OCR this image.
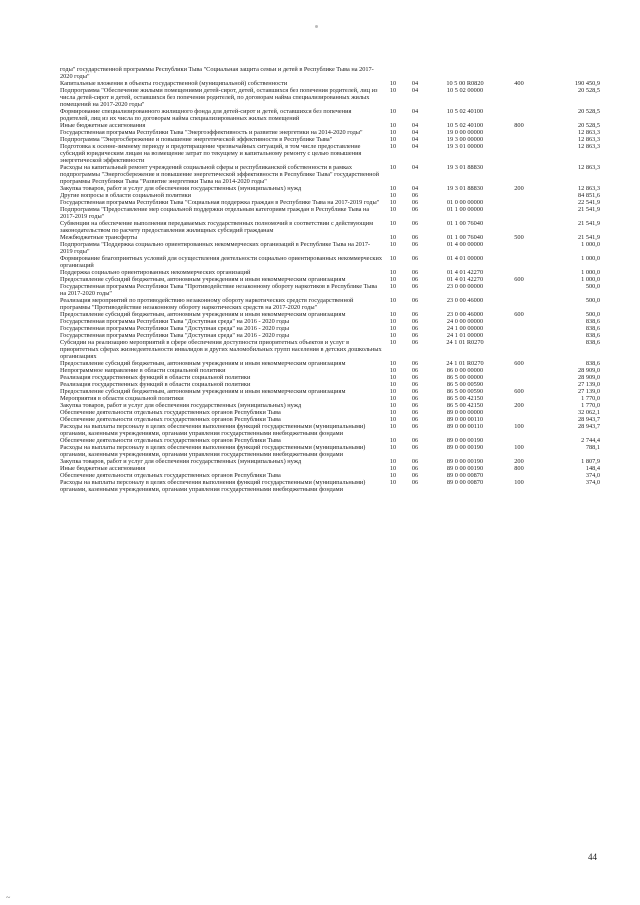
годы" государственной программы Республики Тыва "Социальная защита семьи и детей в Республике Тыва на 2017-2020 годы"					
Капитальные вложения в объекты государственной (муниципальной) собственности	10	04	10 5 00 R0820	400	190 450,9
Подпрограмма "Обеспечение жилыми помещениями детей-сирот, детей, оставшихся без попечения родителей, лиц из числа детей-сирот и детей, оставшихся без попечения родителей, по договорам найма специализированных жилых помещений на 2017-2020 годы"	10	04	10 5 02 00000		20 528,5
Формирование специализированного жилищного фонда для детей-сирот и детей, оставшихся без попечения родителей, лиц из их числа по договорам найма специализированных жилых помещений	10	04	10 5 02 40100		20 528,5
Иные бюджетные ассигнования	10	04	10 5 02 40100	800	20 528,5
Государственная программа Республики Тыва "Энергоэффективность и развитие энергетики на 2014-2020 годы"	10	04	19 0 00 00000		12 863,3
Подпрограмма "Энергосбережение и повышение энергетической эффективности в Республике Тыва"	10	04	19 3 00 00000		12 863,3
Подготовка к осенне-зимнему периоду и предотвращение чрезвычайных ситуаций, в том числе предоставление субсидий юридическим лицам на возмещение затрат по текущему и капитальному ремонту с целью повышения энергетической эффективности	10	04	19 3 01 00000		12 863,3
Расходы на капитальный ремонт учреждений социальной сферы и республиканской собственности в рамках подпрограммы "Энергосбережение и повышение энергетической эффективности в Республике Тыва" государственной программы Республики Тыва "Развитие энергетики Тыва на 2014-2020 годы"	10	04	19 3 01 88830		12 863,3
Закупка товаров, работ и услуг для обеспечения государственных (муниципальных) нужд	10	04	19 3 01 88830	200	12 863,3
Другие вопросы в области социальной политики	10	06			84 851,6
Государственная программа Республики Тыва "Социальная поддержка граждан в Республике Тыва на 2017-2019 годы"	10	06	01 0 00 00000		22 541,9
Подпрограмма "Предоставление мер социальной поддержки отдельным категориям граждан в Республике Тыва на 2017-2019 годы"	10	06	01 1 00 00000		21 541,9
Субвенции на обеспечение выполнения передаваемых государственных полномочий в соответствии с действующим законодательством по расчету предоставления жилищных субсидий гражданам	10	06	01 1 00 76040		21 541,9
Межбюджетные трансферты	10	06	01 1 00 76040	500	21 541,9
Подпрограмма "Поддержка социально ориентированных некоммерческих организаций в Республике Тыва на 2017-2019 годы"	10	06	01 4 00 00000		1 000,0
Формирование благоприятных условий для осуществления деятельности социально ориентированных некоммерческих организаций	10	06	01 4 01 00000		1 000,0
Поддержка социально ориентированных некоммерческих организаций	10	06	01 4 01 42270		1 000,0
Предоставление субсидий бюджетным, автономным учреждениям и иным некоммерческим организациям	10	06	01 4 01 42270	600	1 000,0
Государственная программа Республики Тыва "Противодействие незаконному обороту наркотиков в Республике Тыва на 2017-2020 годы"	10	06	23 0 00 00000		500,0
Реализация мероприятий по противодействию незаконному обороту наркотических средств государственной программы "Противодействие незаконному обороту наркотических средств на 2017-2020 годы"	10	06	23 0 00 46000		500,0
Предоставление субсидий бюджетным, автономным учреждениям и иным некоммерческим организациям	10	06	23 0 00 46000	600	500,0
Государственная программа Республики Тыва "Доступная среда" на 2016 - 2020 годы	10	06	24 0 00 00000		838,6
Государственная программа Республики Тыва "Доступная среда" на 2016 - 2020 годы	10	06	24 1 00 00000		838,6
Государственная программа Республики Тыва "Доступная среда" на 2016 - 2020 годы	10	06	24 1 01 00000		838,6
Субсидии на реализацию мероприятий в сфере обеспечения доступности приоритетных объектов и услуг в приоритетных сферах жизнедеятельности инвалидов и других маломобильных групп населения в детских дошкольных организациях	10	06	24 1 01 R0270		838,6
Предоставление субсидий бюджетным, автономным учреждениям и иным некоммерческим организациям	10	06	24 1 01 R0270	600	838,6
Непрограммное направление в области социальной политики	10	06	86 0 00 00000		28 909,0
Реализация государственных функций в области социальной политики	10	06	86 5 00 00000		28 909,0
Реализация государственных функций в области социальной политики	10	06	86 5 00 00590		27 139,0
Предоставление субсидий бюджетным, автономным учреждениям и иным некоммерческим организациям	10	06	86 5 00 00590	600	27 139,0
Мероприятия в области социальной политики	10	06	86 5 00 42150		1 770,0
Закупка товаров, работ и услуг для обеспечения государственных (муниципальных) нужд	10	06	86 5 00 42150	200	1 770,0
Обеспечение деятельности отдельных государственных органов Республики Тыва	10	06	89 0 00 00000		32 062,1
Обеспечение деятельности отдельных государственных органов Республики Тыва	10	06	89 0 00 00110		28 943,7
Расходы на выплаты персоналу в целях обеспечения выполнения функций государственными (муниципальными) органами, казенными учреждениями, органами управления государственными внебюджетными фондами	10	06	89 0 00 00110	100	28 943,7
Обеспечение деятельности отдельных государственных органов Республики Тыва	10	06	89 0 00 00190		2 744,4
Расходы на выплаты персоналу в целях обеспечения выполнения функций государственными (муниципальными) органами, казенными учреждениями, органами управления государственными внебюджетными фондами	10	06	89 0 00 00190	100	788,1
Закупка товаров, работ и услуг для обеспечения государственных (муниципальных) нужд	10	06	89 0 00 00190	200	1 807,9
Иные бюджетные ассигнования	10	06	89 0 00 00190	800	148,4
Обеспечение деятельности отдельных государственных органов Республики Тыва	10	06	89 0 00 00870		374,0
Расходы на выплаты персоналу в целях обеспечения выполнения функций государственными (муниципальными) органами, казенными учреждениями, органами управления государственными внебюджетными фондами	10	06	89 0 00 00870	100	374,0
44
~
